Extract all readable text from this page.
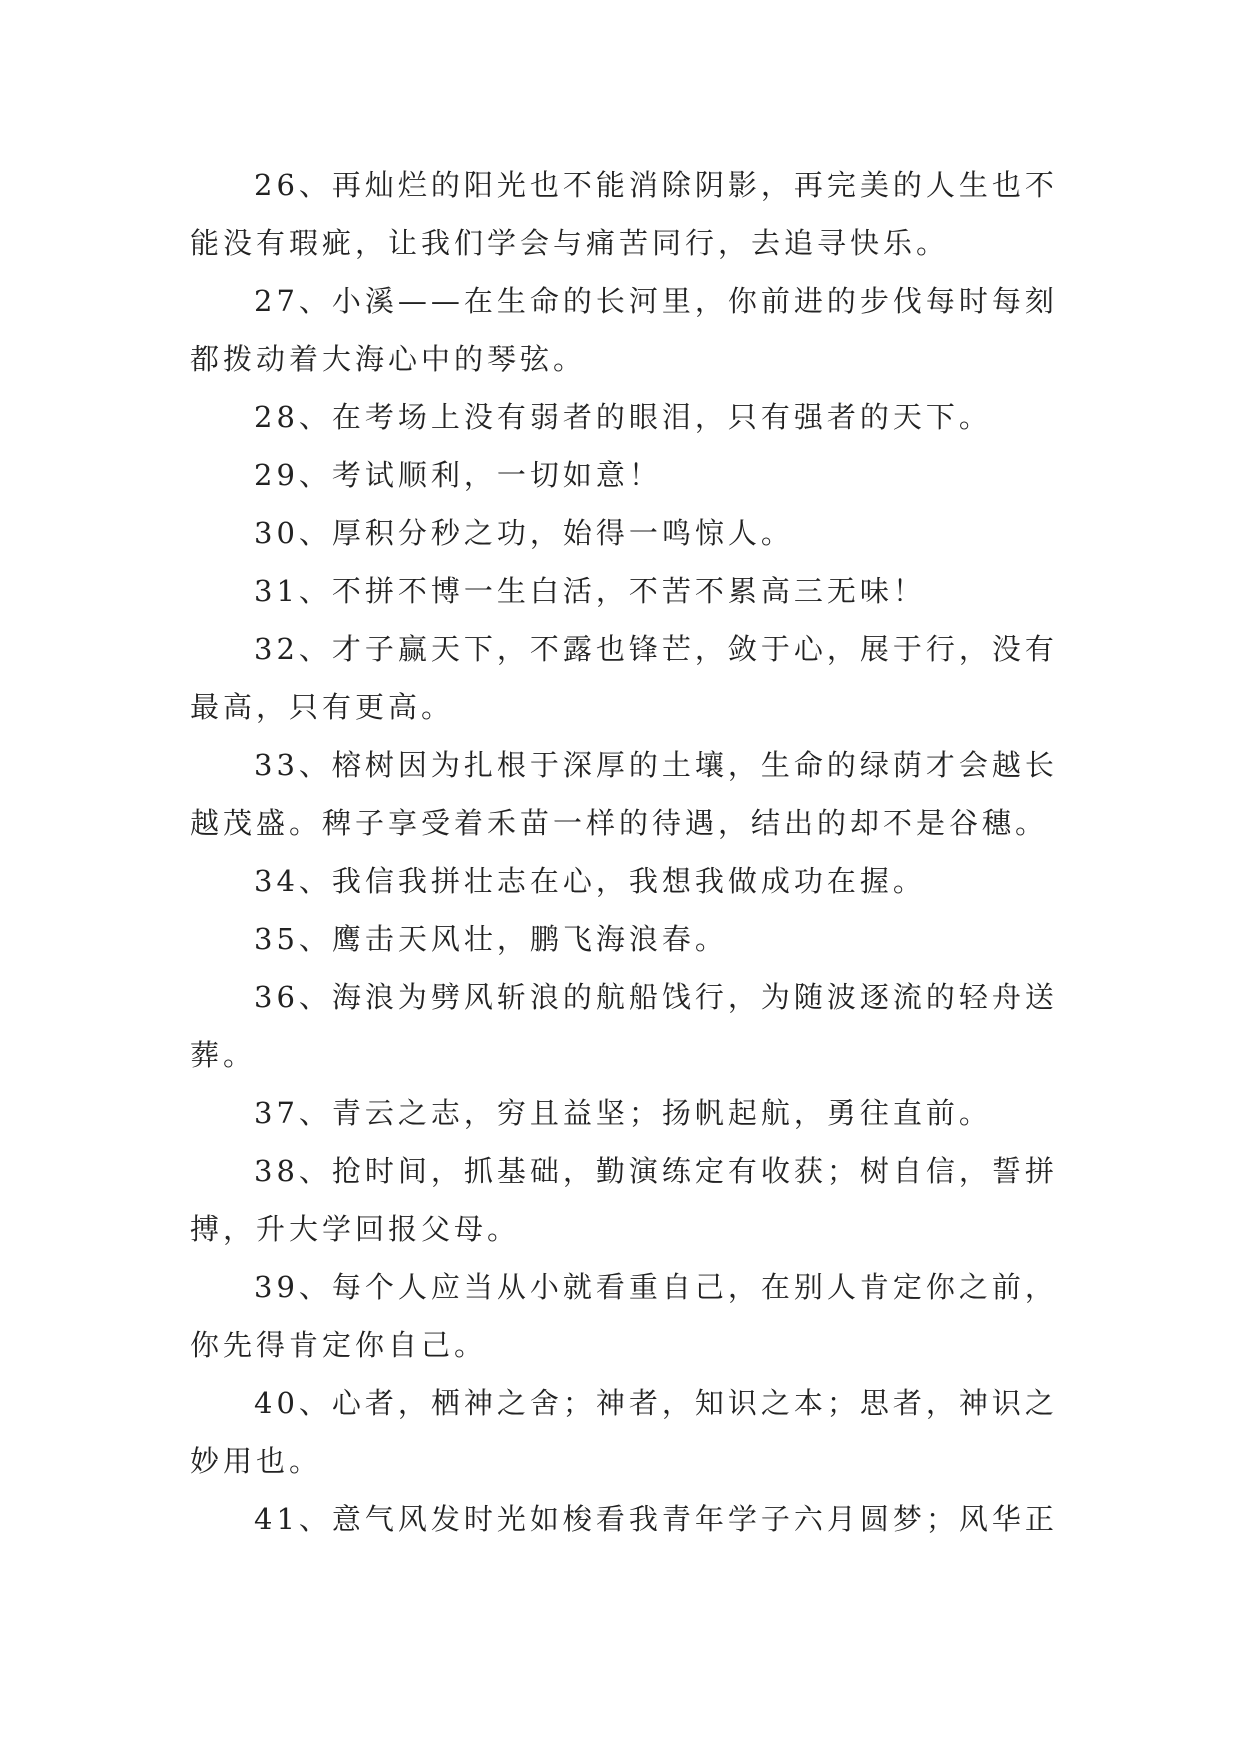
26、再灿烂的阳光也不能消除阴影，再完美的人生也不能没有瑕疵，让我们学会与痛苦同行，去追寻快乐。

27、小溪——在生命的长河里，你前进的步伐每时每刻都拨动着大海心中的琴弦。

28、在考场上没有弱者的眼泪，只有强者的天下。

29、考试顺利，一切如意！

30、厚积分秒之功，始得一鸣惊人。

31、不拼不博一生白活，不苦不累高三无味！

32、才子赢天下，不露也锋芒，敛于心，展于行，没有最高，只有更高。

33、榕树因为扎根于深厚的土壤，生命的绿荫才会越长越茂盛。稗子享受着禾苗一样的待遇，结出的却不是谷穗。

34、我信我拼壮志在心，我想我做成功在握。

35、鹰击天风壮，鹏飞海浪春。

36、海浪为劈风斩浪的航船饯行，为随波逐流的轻舟送葬。

37、青云之志，穷且益坚；扬帆起航，勇往直前。

38、抢时间，抓基础，勤演练定有收获；树自信，誓拼搏，升大学回报父母。

39、每个人应当从小就看重自己，在别人肯定你之前，你先得肯定你自己。

40、心者，栖神之舍；神者，知识之本；思者，神识之妙用也。

41、意气风发时光如梭看我青年学子六月圆梦；风华正
